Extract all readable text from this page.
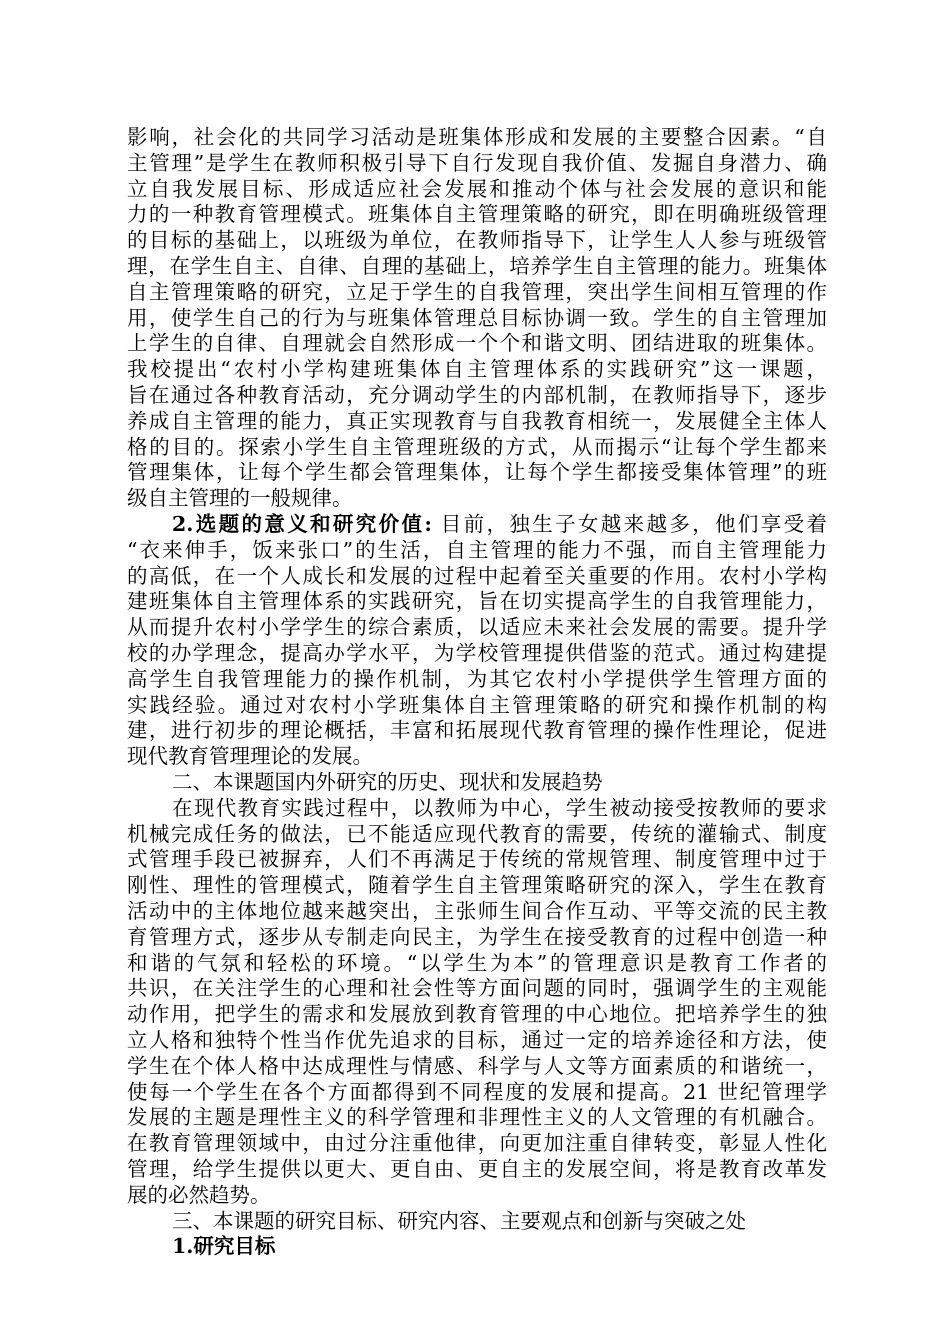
影响，社会化的共同学习活动是班集体形成和发展的主要整合因素。“自
主管理”是学生在教师积极引导下自行发现自我价值、发掘自身潜力、确
立自我发展目标、形成适应社会发展和推动个体与社会发展的意识和能
力的一种教育管理模式。班集体自主管理策略的研究，即在明确班级管理
的目标的基础上，以班级为单位，在教师指导下，让学生人人参与班级管
理，在学生自主、自律、自理的基础上，培养学生自主管理的能力。班集体
自主管理策略的研究，立足于学生的自我管理，突出学生间相互管理的作
用，使学生自己的行为与班集体管理总目标协调一致。学生的自主管理加
上学生的自律、自理就会自然形成一个个和谐文明、团结进取的班集体。
我校提出“农村小学构建班集体自主管理体系的实践研究”这一课题，
旨在通过各种教育活动，充分调动学生的内部机制，在教师指导下，逐步
养成自主管理的能力，真正实现教育与自我教育相统一，发展健全主体人
格的目的。探索小学生自主管理班级的方式，从而揭示“让每个学生都来
管理集体，让每个学生都会管理集体，让每个学生都接受集体管理”的班
级自主管理的一般规律。
2.选题的意义和研究价值: 目前，独生子女越来越多，他们享受着
“衣来伸手，饭来张口”的生活，自主管理的能力不强，而自主管理能力
的高低，在一个人成长和发展的过程中起着至关重要的作用。农村小学构
建班集体自主管理体系的实践研究，旨在切实提高学生的自我管理能力，
从而提升农村小学学生的综合素质，以适应未来社会发展的需要。提升学
校的办学理念，提高办学水平，为学校管理提供借鉴的范式。通过构建提
高学生自我管理能力的操作机制，为其它农村小学提供学生管理方面的
实践经验。通过对农村小学班集体自主管理策略的研究和操作机制的构
建，进行初步的理论概括，丰富和拓展现代教育管理的操作性理论，促进
现代教育管理理论的发展。
二、本课题国内外研究的历史、现状和发展趋势
在现代教育实践过程中，以教师为中心，学生被动接受按教师的要求
机械完成任务的做法，已不能适应现代教育的需要，传统的灌输式、制度
式管理手段已被摒弃，人们不再满足于传统的常规管理、制度管理中过于
刚性、理性的管理模式，随着学生自主管理策略研究的深入，学生在教育
活动中的主体地位越来越突出，主张师生间合作互动、平等交流的民主教
育管理方式，逐步从专制走向民主，为学生在接受教育的过程中创造一种
和谐的气氛和轻松的环境。“以学生为本”的管理意识是教育工作者的
共识，在关注学生的心理和社会性等方面问题的同时，强调学生的主观能
动作用，把学生的需求和发展放到教育管理的中心地位。把培养学生的独
立人格和独特个性当作优先追求的目标，通过一定的培养途径和方法，使
学生在个体人格中达成理性与情感、科学与人文等方面素质的和谐统一，
使每一个学生在各个方面都得到不同程度的发展和提高。21 世纪管理学
发展的主题是理性主义的科学管理和非理性主义的人文管理的有机融合。
在教育管理领域中，由过分注重他律，向更加注重自律转变，彰显人性化
管理，给学生提供以更大、更自由、更自主的发展空间，将是教育改革发
展的必然趋势。
三、本课题的研究目标、研究内容、主要观点和创新与突破之处
1.研究目标
